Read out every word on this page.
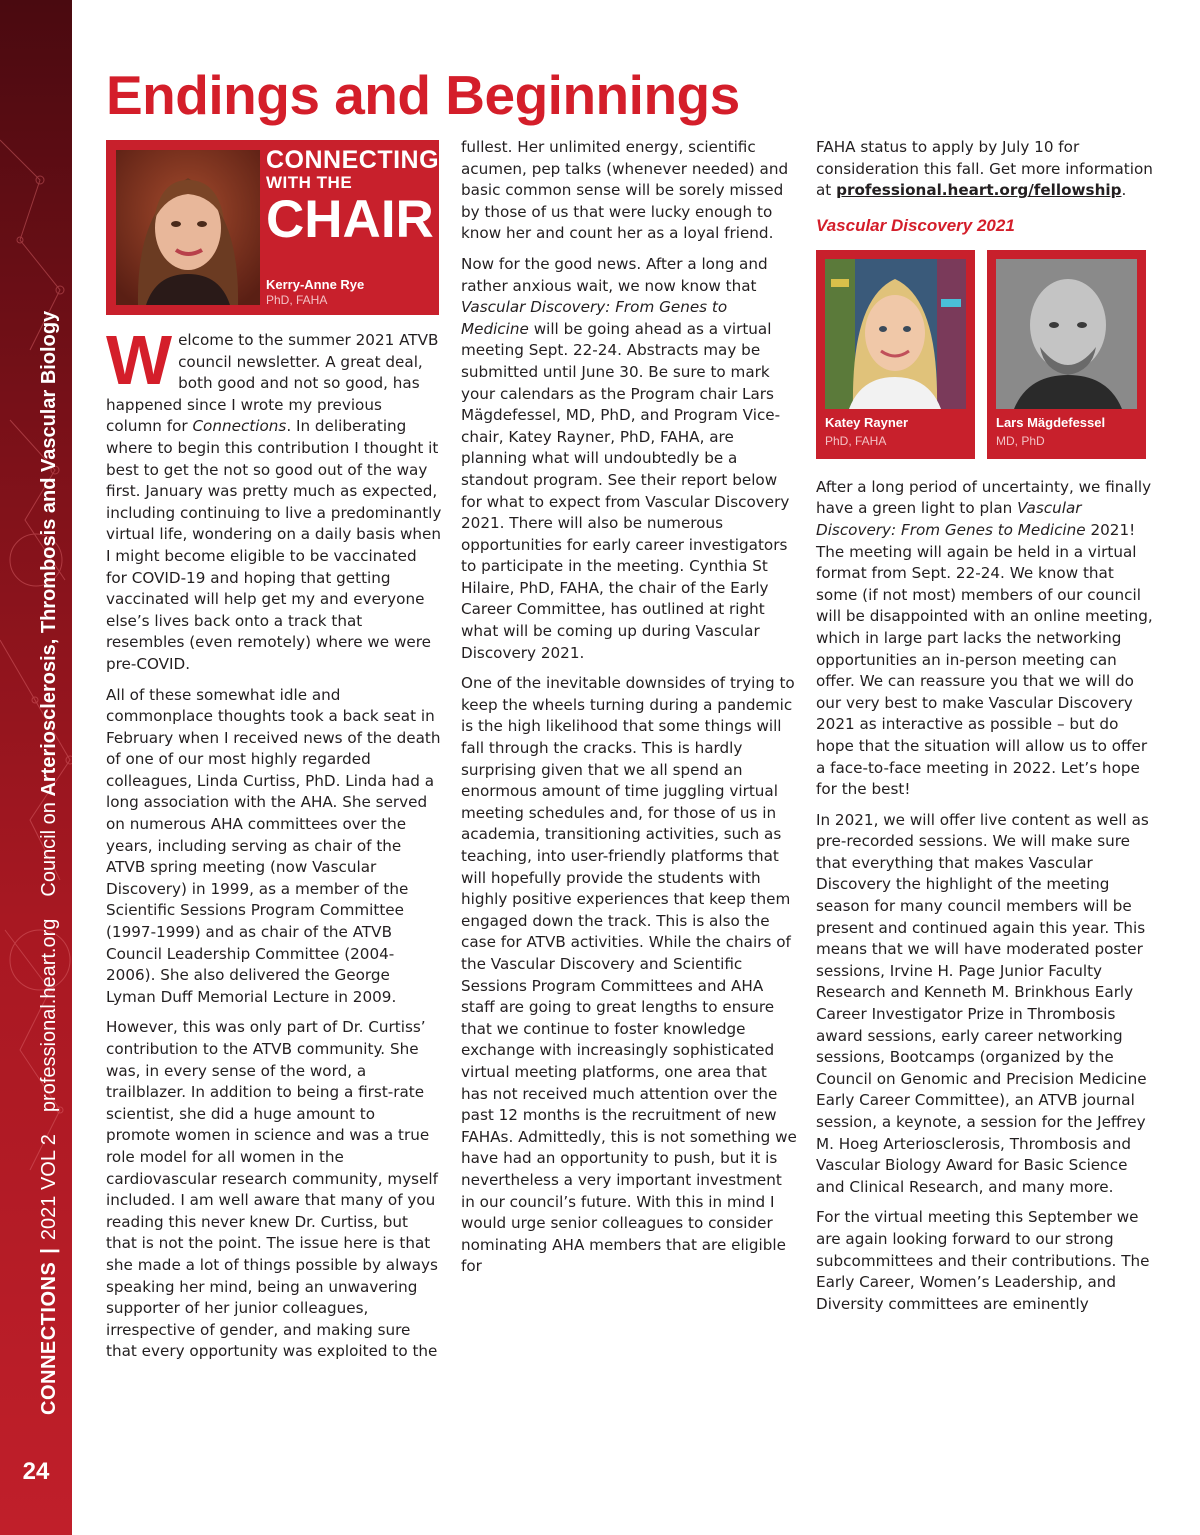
CONNECTIONS|2021 VOL 2professional.heart.orgCouncil on Arteriosclerosis, Thrombosis and Vascular Biology
24
Endings and Beginnings
CONNECTING
WITH THE
CHAIR
Kerry-Anne Rye
PhD, FAHA

Welcome to the summer 2021 ATVB council newsletter. A great deal, both good and not so good, has happened since I wrote my previous column for Connections. In deliberating where to begin this contribution I thought it best to get the not so good out of the way first. January was pretty much as expected, including continuing to live a predominantly virtual life, wondering on a daily basis when I might become eligible to be vaccinated for COVID-19 and hoping that getting vaccinated will help get my and everyone else’s lives back onto a track that resembles (even remotely) where we were pre-COVID.

All of these somewhat idle and commonplace thoughts took a back seat in February when I received news of the death of one of our most highly regarded colleagues, Linda Curtiss, PhD. Linda had a long association with the AHA. She served on numerous AHA committees over the years, including serving as chair of the ATVB spring meeting (now Vascular Discovery) in 1999, as a member of the Scientific Sessions Program Committee (1997-1999) and as chair of the ATVB Council Leadership Committee (2004-2006). She also delivered the George Lyman Duff Memorial Lecture in 2009.

However, this was only part of Dr. Curtiss’ contribution to the ATVB community. She was, in every sense of the word, a trailblazer. In addition to being a first-rate scientist, she did a huge amount to promote women in science and was a true role model for all women in the cardiovascular research community, myself included. I am well aware that many of you reading this never knew Dr. Curtiss, but that is not the point. The issue here is that she made a lot of things possible by always speaking her mind, being an unwavering supporter of her junior colleagues, irrespective of gender, and making sure that every opportunity was exploited to the

fullest. Her unlimited energy, scientific acumen, pep talks (whenever needed) and basic common sense will be sorely missed by those of us that were lucky enough to know her and count her as a loyal friend.

Now for the good news. After a long and rather anxious wait, we now know that Vascular Discovery: From Genes to Medicine will be going ahead as a virtual meeting Sept. 22-24. Abstracts may be submitted until June 30. Be sure to mark your calendars as the Program chair Lars Mägdefessel, MD, PhD, and Program Vice-chair, Katey Rayner, PhD, FAHA, are planning what will undoubtedly be a standout program. See their report below for what to expect from Vascular Discovery 2021. There will also be numerous opportunities for early career investigators to participate in the meeting. Cynthia St Hilaire, PhD, FAHA, the chair of the Early Career Committee, has outlined at right what will be coming up during Vascular Discovery 2021.

One of the inevitable downsides of trying to keep the wheels turning during a pandemic is the high likelihood that some things will fall through the cracks. This is hardly surprising given that we all spend an enormous amount of time juggling virtual meeting schedules and, for those of us in academia, transitioning activities, such as teaching, into user-friendly platforms that will hopefully provide the students with highly positive experiences that keep them engaged down the track. This is also the case for ATVB activities. While the chairs of the Vascular Discovery and Scientific Sessions Program Committees and AHA staff are going to great lengths to ensure that we continue to foster knowledge exchange with increasingly sophisticated virtual meeting platforms, one area that has not received much attention over the past 12 months is the recruitment of new FAHAs. Admittedly, this is not something we have had an opportunity to push, but it is nevertheless a very important investment in our council’s future. With this in mind I would urge senior colleagues to consider nominating AHA members that are eligible for

FAHA status to apply by July 10 for consideration this fall. Get more information at professional.heart.org/fellowship.

Vascular Discovery 2021
Katey Rayner
PhD, FAHA
Lars Mägdefessel
MD, PhD

After a long period of uncertainty, we finally have a green light to plan Vascular Discovery: From Genes to Medicine 2021! The meeting will again be held in a virtual format from Sept. 22-24. We know that some (if not most) members of our council will be disappointed with an online meeting, which in large part lacks the networking opportunities an in-person meeting can offer. We can reassure you that we will do our very best to make Vascular Discovery 2021 as interactive as possible – but do hope that the situation will allow us to offer a face-to-face meeting in 2022. Let’s hope for the best!

In 2021, we will offer live content as well as pre-recorded sessions. We will make sure that everything that makes Vascular Discovery the highlight of the meeting season for many council members will be present and continued again this year. This means that we will have moderated poster sessions, Irvine H. Page Junior Faculty Research and Kenneth M. Brinkhous Early Career Investigator Prize in Thrombosis award sessions, early career networking sessions, Bootcamps (organized by the Council on Genomic and Precision Medicine Early Career Committee), an ATVB journal session, a keynote, a session for the Jeffrey M. Hoeg Arteriosclerosis, Thrombosis and Vascular Biology Award for Basic Science and Clinical Research, and many more.

For the virtual meeting this September we are again looking forward to our strong subcommittees and their contributions. The Early Career, Women’s Leadership, and Diversity committees are eminently
